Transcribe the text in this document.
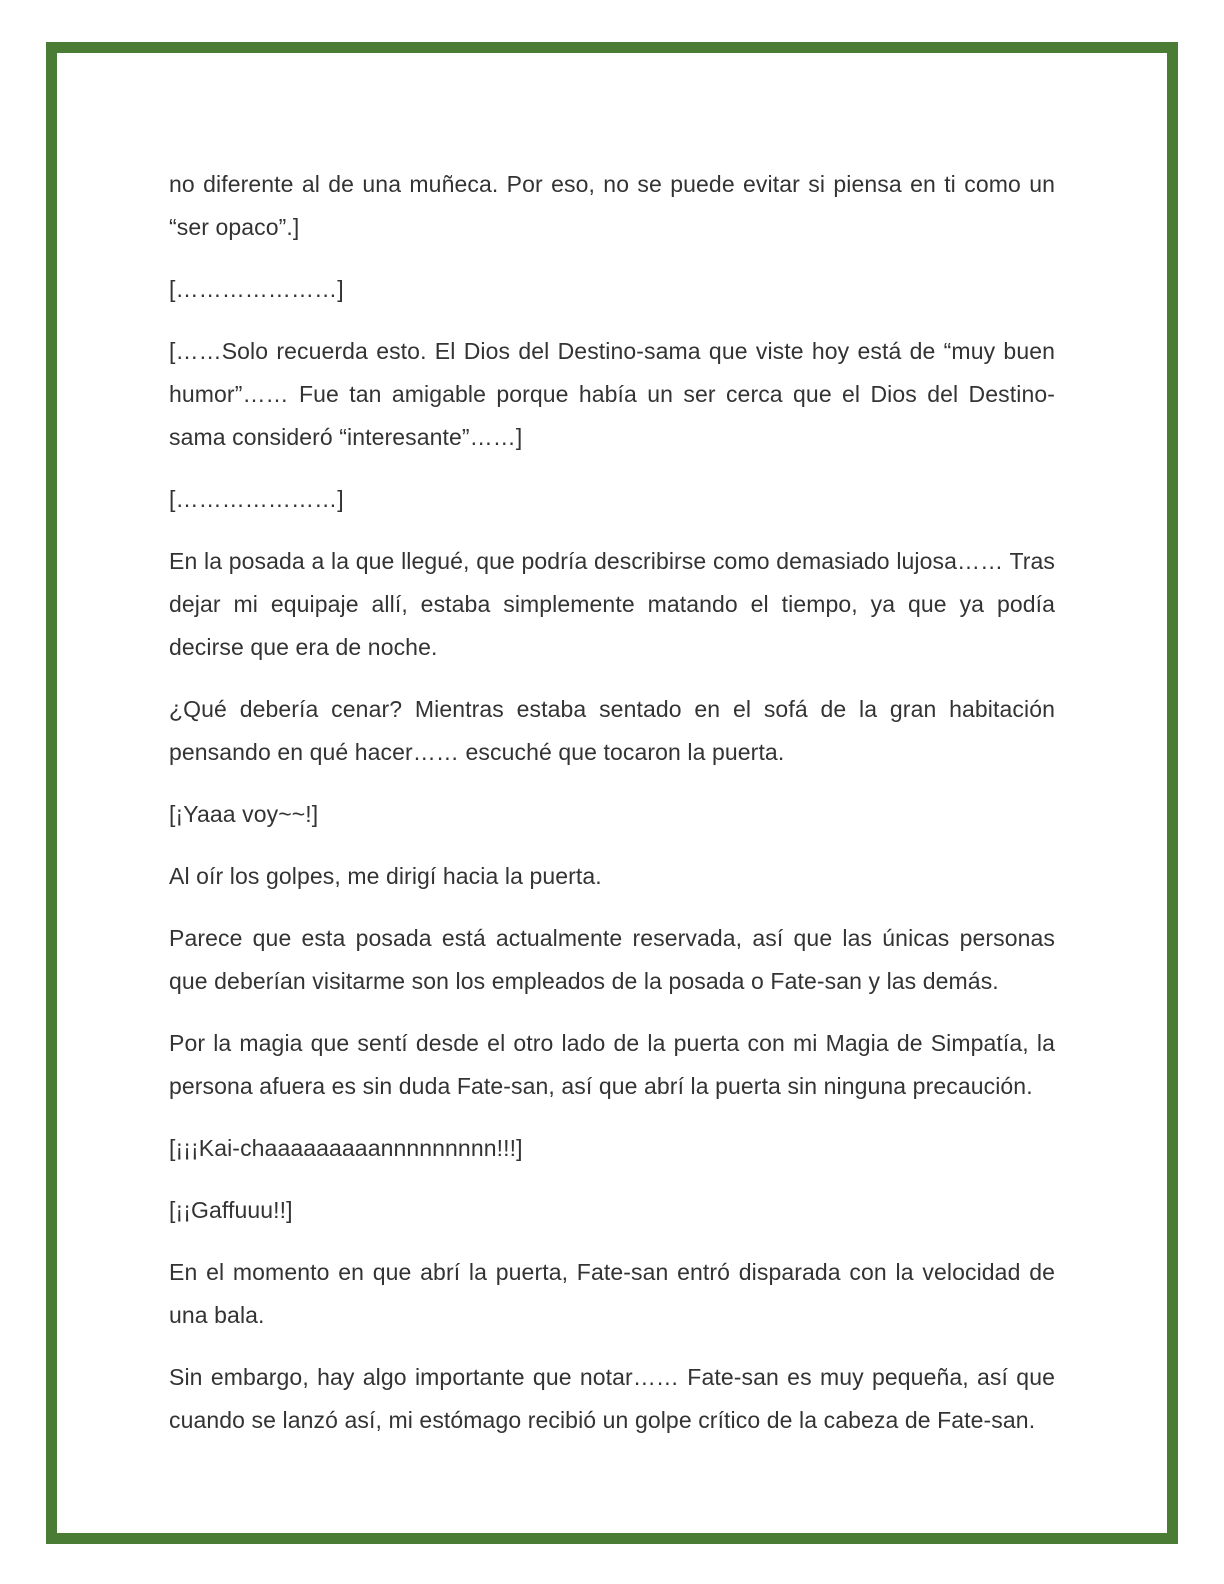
no diferente al de una muñeca. Por eso, no se puede evitar si piensa en ti como un “ser opaco”.]

[…………………]

[……Solo recuerda esto. El Dios del Destino-sama que viste hoy está de “muy buen humor”…… Fue tan amigable porque había un ser cerca que el Dios del Destino-sama consideró “interesante”……]

[…………………]

En la posada a la que llegué, que podría describirse como demasiado lujosa…… Tras dejar mi equipaje allí, estaba simplemente matando el tiempo, ya que ya podía decirse que era de noche.

¿Qué debería cenar? Mientras estaba sentado en el sofá de la gran habitación pensando en qué hacer…… escuché que tocaron la puerta.

[¡Yaaa voy~~!]

Al oír los golpes, me dirigí hacia la puerta.

Parece que esta posada está actualmente reservada, así que las únicas personas que deberían visitarme son los empleados de la posada o Fate-san y las demás.

Por la magia que sentí desde el otro lado de la puerta con mi Magia de Simpatía, la persona afuera es sin duda Fate-san, así que abrí la puerta sin ninguna precaución.

[¡¡¡Kai-chaaaaaaaaannnnnnnnn!!!]

[¡¡Gaffuuu!!]

En el momento en que abrí la puerta, Fate-san entró disparada con la velocidad de una bala.

Sin embargo, hay algo importante que notar…… Fate-san es muy pequeña, así que cuando se lanzó así, mi estómago recibió un golpe crítico de la cabeza de Fate-san.
